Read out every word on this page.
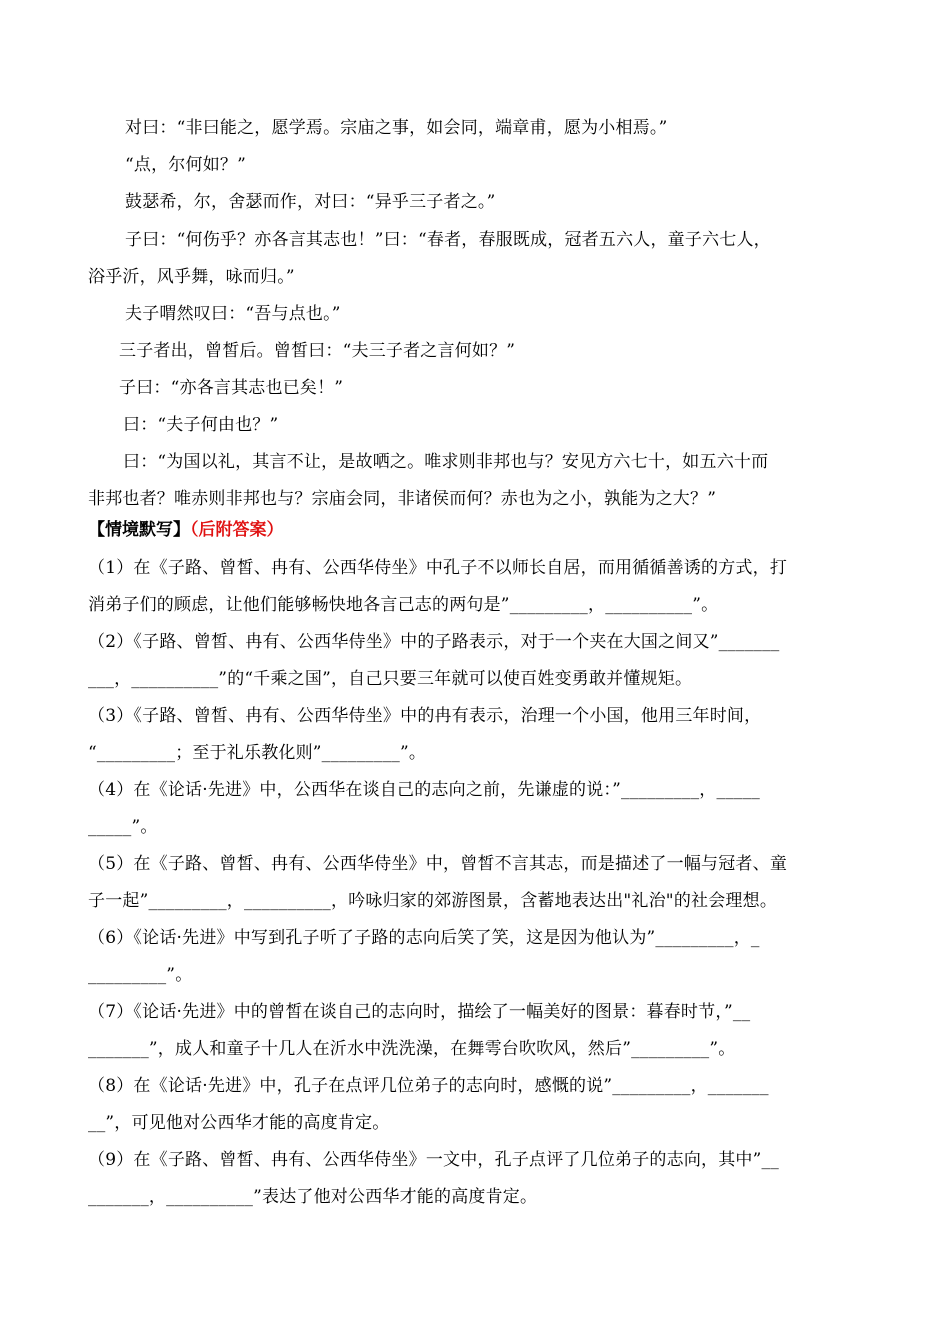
对曰：“非曰能之，愿学焉。宗庙之事，如会同，端章甫，愿为小相焉。”
“点，尔何如？”
鼓瑟希，尔，舍瑟而作，对曰：“异乎三子者之。”
子曰：“何伤乎？亦各言其志也！”曰：“春者，春服既成，冠者五六人，童子六七人，
浴乎沂，风乎舞，咏而归。”
夫子喟然叹曰：“吾与点也。”
三子者出，曾皙后。曾皙曰：“夫三子者之言何如？”
子曰：“亦各言其志也已矣！”
曰：“夫子何由也？”
曰：“为国以礼，其言不让，是故哂之。唯求则非邦也与？安见方六七十，如五六十而
非邦也者？唯赤则非邦也与？宗庙会同，非诸侯而何？赤也为之小，孰能为之大？”
【情境默写】（后附答案）
（1）在《子路、曾皙、冉有、公西华侍坐》中孔子不以师长自居，而用循循善诱的方式，打
消弟子们的顾虑，让他们能够畅快地各言己志的两句是”_________，__________”。
（2）《子路、曾皙、冉有、公西华侍坐》中的子路表示，对于一个夹在大国之间又”_______
___，__________”的“千乘之国”，自己只要三年就可以使百姓变勇敢并懂规矩。
（3）《子路、曾皙、冉有、公西华侍坐》中的冉有表示，治理一个小国，他用三年时间，
“_________；至于礼乐教化则”_________”。
（4）在《论话·先进》中，公西华在谈自己的志向之前，先谦虚的说：”_________，_____
_____”。
（5）在《子路、曾皙、冉有、公西华侍坐》中，曾皙不言其志，而是描述了一幅与冠者、童
子一起”_________，__________，吟咏归家的郊游图景，含蓄地表达出"礼治"的社会理想。
（6）《论话·先进》中写到孔子听了子路的志向后笑了笑，这是因为他认为”_________，_
_________”。
（7）《论话·先进》中的曾皙在谈自己的志向时，描绘了一幅美好的图景：暮春时节，”__
_______”，成人和童子十几人在沂水中洗洗澡，在舞雩台吹吹风，然后”_________”。
（8）在《论话·先进》中，孔子在点评几位弟子的志向时，感慨的说”_________，_______
__”，可见他对公西华才能的高度肯定。
（9）在《子路、曾皙、冉有、公西华侍坐》一文中，孔子点评了几位弟子的志向，其中”__
_______，__________”表达了他对公西华才能的高度肯定。
